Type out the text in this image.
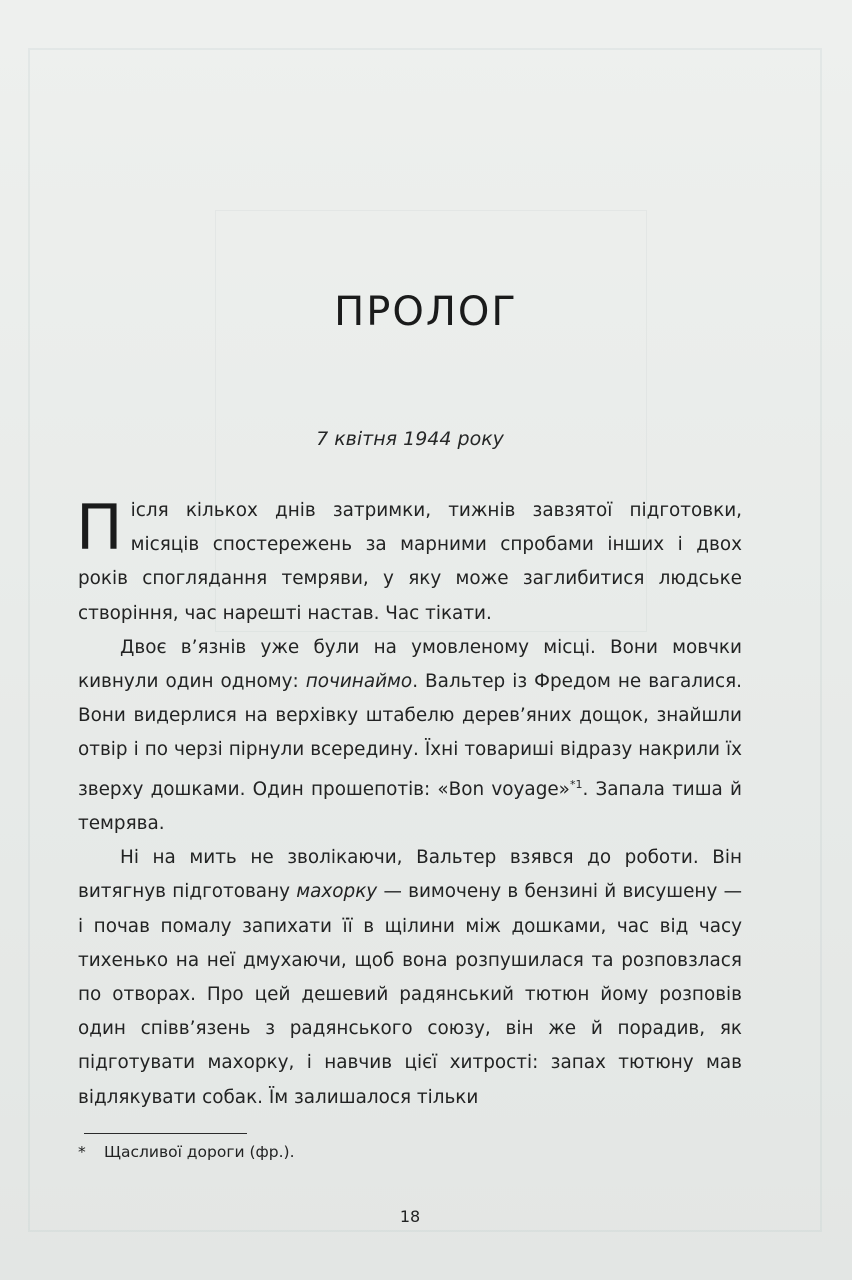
ПРОЛОГ
7 квітня 1944 року

Після кількох днів затримки, тижнів завзятої підготовки, місяців спостережень за марними спробами інших і двох років споглядання темряви, у яку може заглибитися людське створіння, час нарешті настав. Час тікати.

Двоє в’язнів уже були на умовленому місці. Вони мовчки кивнули один одному: починаймо. Вальтер із Фредом не вагалися. Вони видерлися на верхівку штабелю дерев’яних дощок, знайшли отвір і по черзі пірнули всередину. Їхні товариші відразу накрили їх зверху дошками. Один прошепотів: «Bon voyage»$^{*1}$. Запала тиша й темрява.

Ні на мить не зволікаючи, Вальтер взявся до роботи. Він витягнув підготовану махорку — вимочену в бензині й висушену — і почав помалу запихати її в щілини між дошками, час від часу тихенько на неї дмухаючи, щоб вона розпушилася та розповзлася по отворах. Про цей дешевий радянський тютюн йому розповів один співв’язень з радянського союзу, він же й порадив, як підготувати махорку, і навчив цієї хитрості: запах тютюну мав відлякувати собак. Їм залишалося тільки

* Щасливої дороги (фр.).
18
